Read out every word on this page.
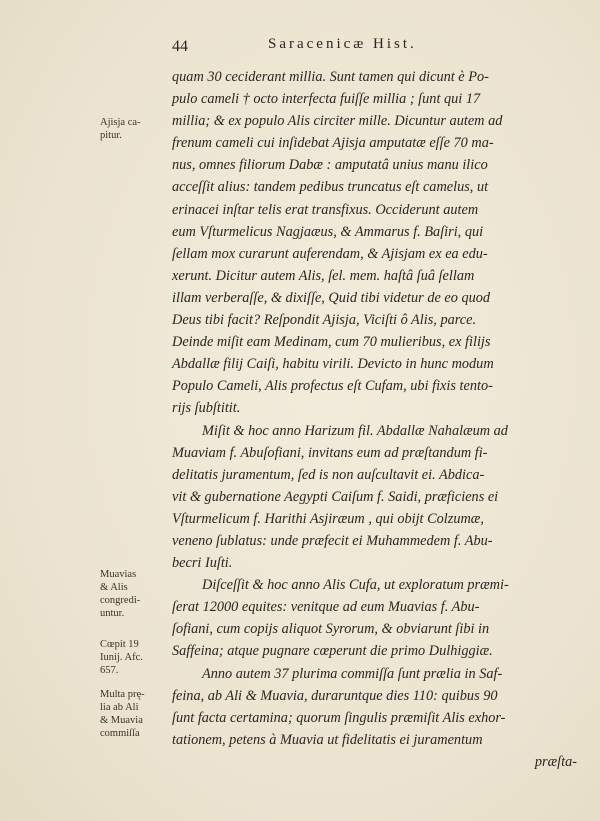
44	Saracenicæ Hist.
Ajisja ca-
pitur.
Muavias
& Alis
congredi-
untur.
Cœpit 19
Iunij. Afc.
657.
Multa prę-
lia ab Ali
& Muavia
commiſſa
quam 30 ceciderant millia. Sunt tamen qui dicunt è Po-
pulo cameli † octo interfecta fuiſſe millia ; ſunt qui 17
millia; & ex populo Alis circiter mille. Dicuntur autem ad
frenum cameli cui inſidebat Ajisja amputatæ eſſe 70 ma-
nus, omnes filiorum Dabæ : amputatâ unius manu ilico
acceſſit alius: tandem pedibus truncatus eſt camelus, ut
erinacei inſtar telis erat transfixus. Occiderunt autem
eum Vſturmelicus Nagjaæus, & Ammarus f. Baſiri, qui
ſellam mox curarunt auferendam, & Ajisjam ex ea edu-
xerunt. Dicitur autem Alis, ſel. mem. haſtâ ſuâ ſellam
illam verberaſſe, & dixiſſe, Quid tibi videtur de eo quod
Deus tibi facit? Reſpondit Ajisja, Viciſti ô Alis, parce.
Deinde miſit eam Medinam, cum 70 mulieribus, ex filijs
Abdallæ filij Caiſi, habitu virili. Devicto in hunc modum
Populo Cameli, Alis profectus eſt Cufam, ubi fixis tento-
rijs ſubſtitit.
Miſit & hoc anno Harizum fil. Abdallæ Nahalæum ad
Muaviam f. Abuſofiani, invitans eum ad præſtandum fi-
delitatis juramentum, ſed is non auſcultavit ei. Abdica-
vit & gubernatione Aegypti Caiſum f. Saidi, præficiens ei
Vſturmelicum f. Harithi Asjiræum , qui obijt Colzumæ,
veneno ſublatus: unde præfecit ei Muhammedem f. Abu-
becri Iuſti.
Diſceſſit & hoc anno Alis Cufa, ut exploratum præmi-
ſerat 12000 equites: venitque ad eum Muavias f. Abu-
ſofiani, cum copijs aliquot Syrorum, & obviarunt ſibi in
Saffeina; atque pugnare cœperunt die primo Dulhiggiæ.
Anno autem 37 plurima commiſſa ſunt prælia in Saf-
feina, ab Ali & Muavia, duraruntque dies 110: quibus 90
ſunt facta certamina; quorum ſingulis præmiſit Alis exhor-
tationem, petens à Muavia ut fidelitatis ei juramentum
præſta-
